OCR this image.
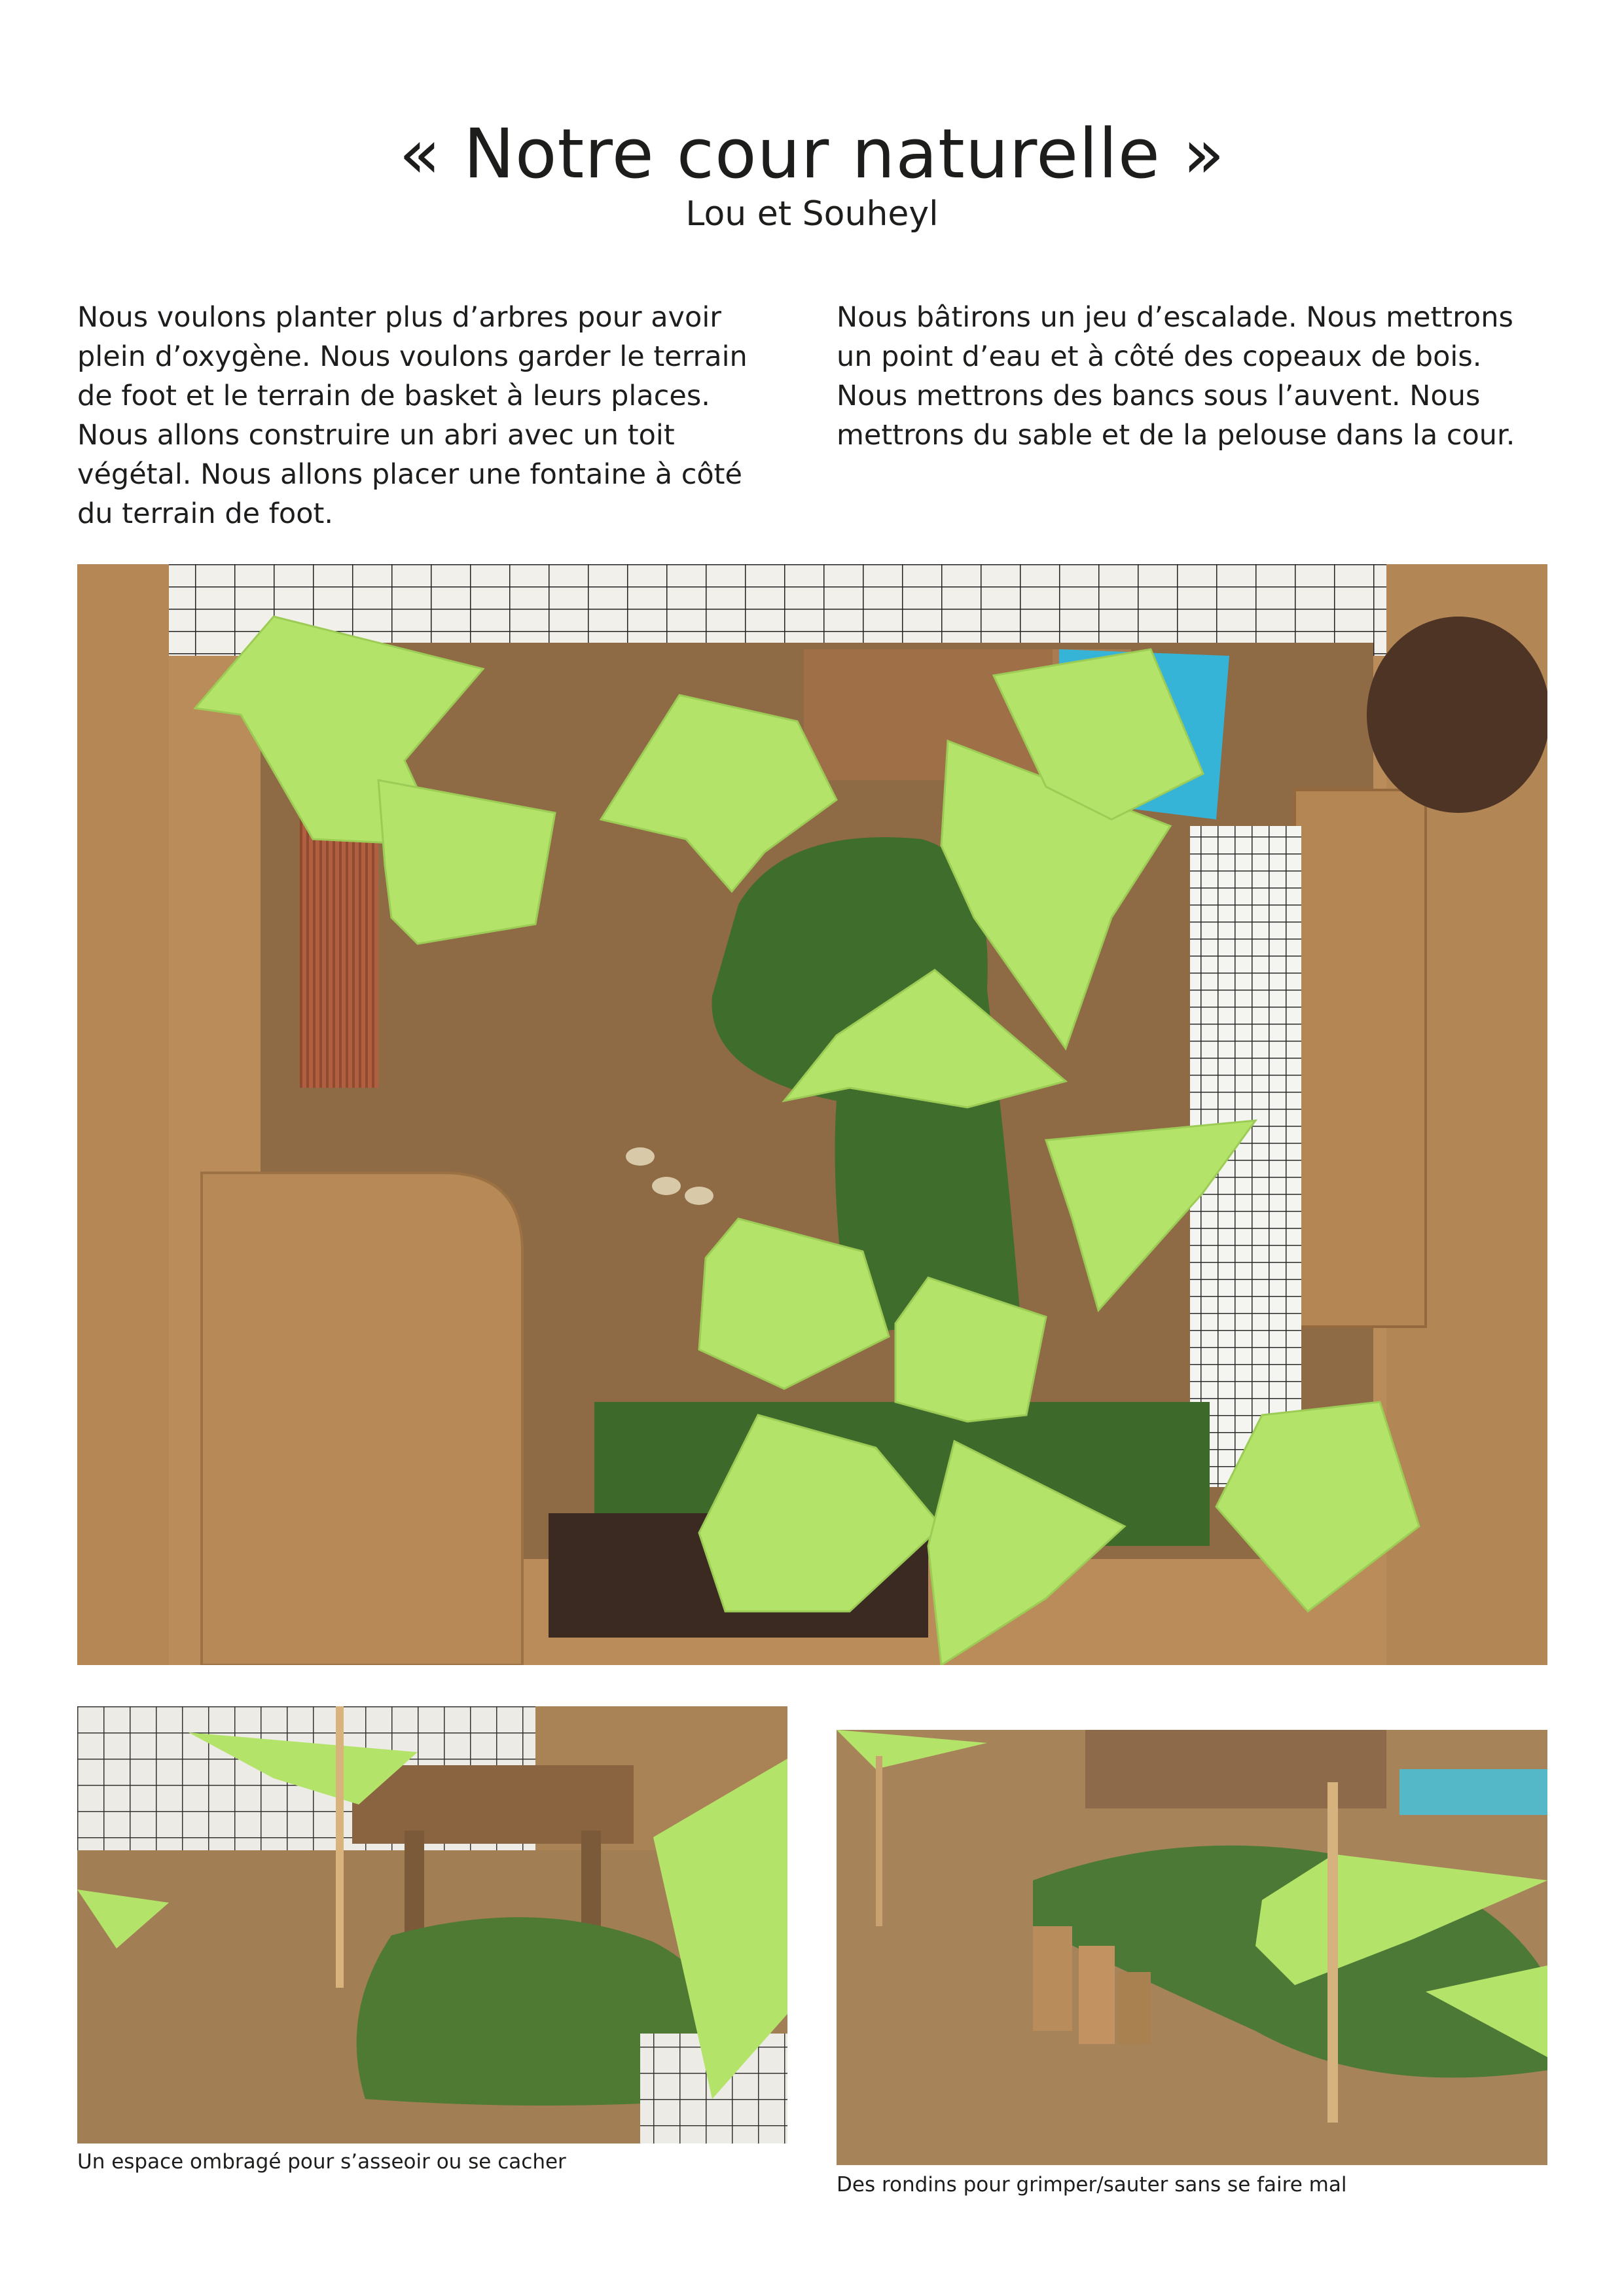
« Notre cour naturelle »
Lou et Souheyl
Nous voulons planter plus d’arbres pour avoir plein d’oxygène. Nous voulons garder le terrain de foot et le terrain de basket à leurs places. Nous allons construire un abri avec un toit végétal. Nous allons placer une fontaine à côté du terrain de foot.
Nous bâtirons un jeu d’escalade. Nous mettrons un point d’eau et à côté des copeaux de bois. Nous mettrons des bancs sous l’auvent. Nous mettrons du sable et de la pelouse dans la cour.
Un espace ombragé pour s’asseoir ou se cacher
Des rondins pour grimper/sauter sans se faire mal
